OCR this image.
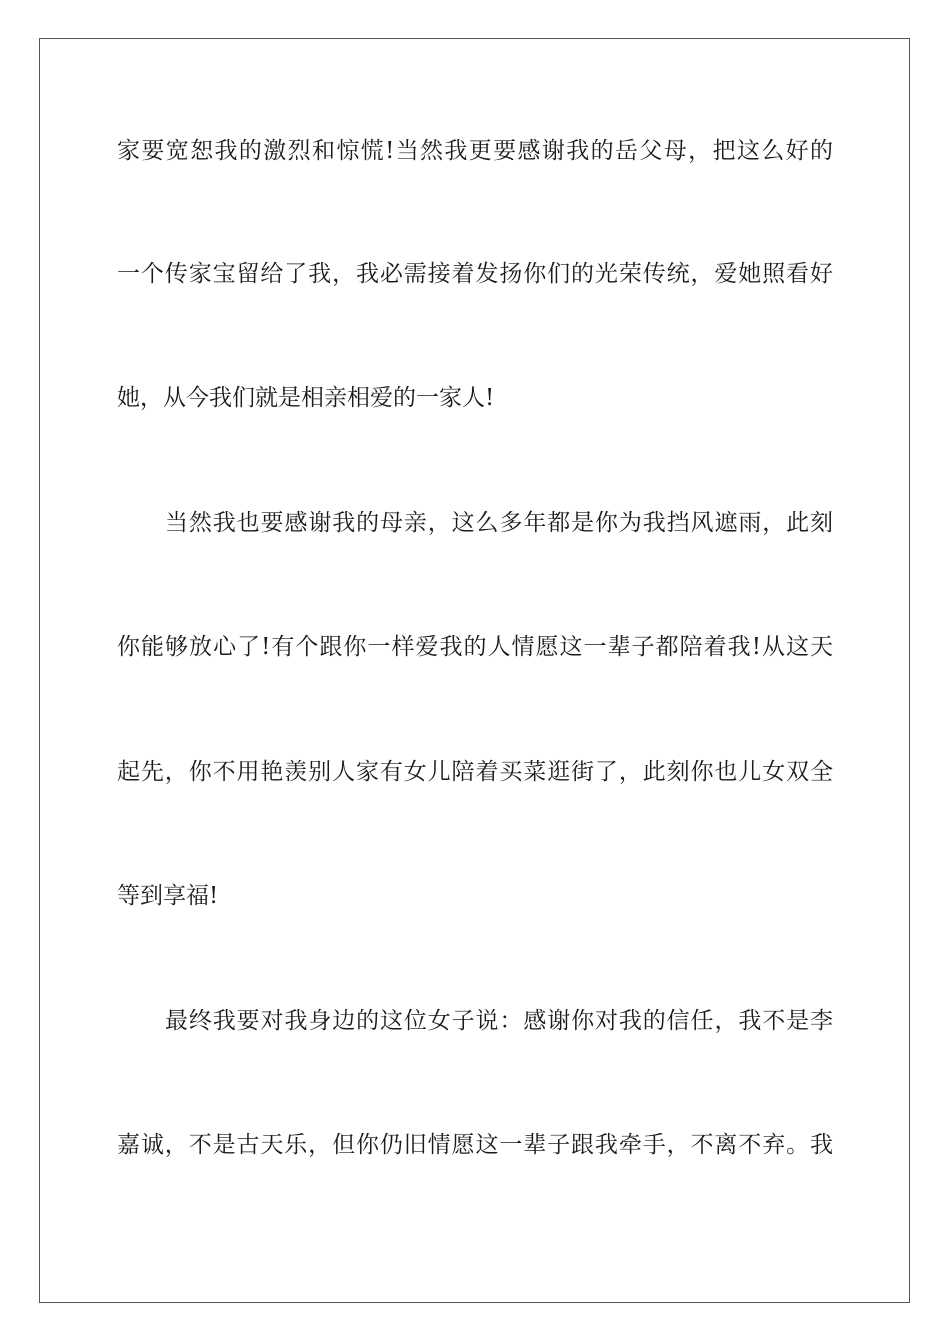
家要宽恕我的激烈和惊慌!当然我更要感谢我的岳父母，把这么好的
一个传家宝留给了我，我必需接着发扬你们的光荣传统，爱她照看好
她，从今我们就是相亲相爱的一家人!
当然我也要感谢我的母亲，这么多年都是你为我挡风遮雨，此刻
你能够放心了!有个跟你一样爱我的人情愿这一辈子都陪着我!从这天
起先，你不用艳羡别人家有女儿陪着买菜逛街了，此刻你也儿女双全
等到享福!
最终我要对我身边的这位女子说：感谢你对我的信任，我不是李
嘉诚，不是古天乐，但你仍旧情愿这一辈子跟我牵手，不离不弃。我
